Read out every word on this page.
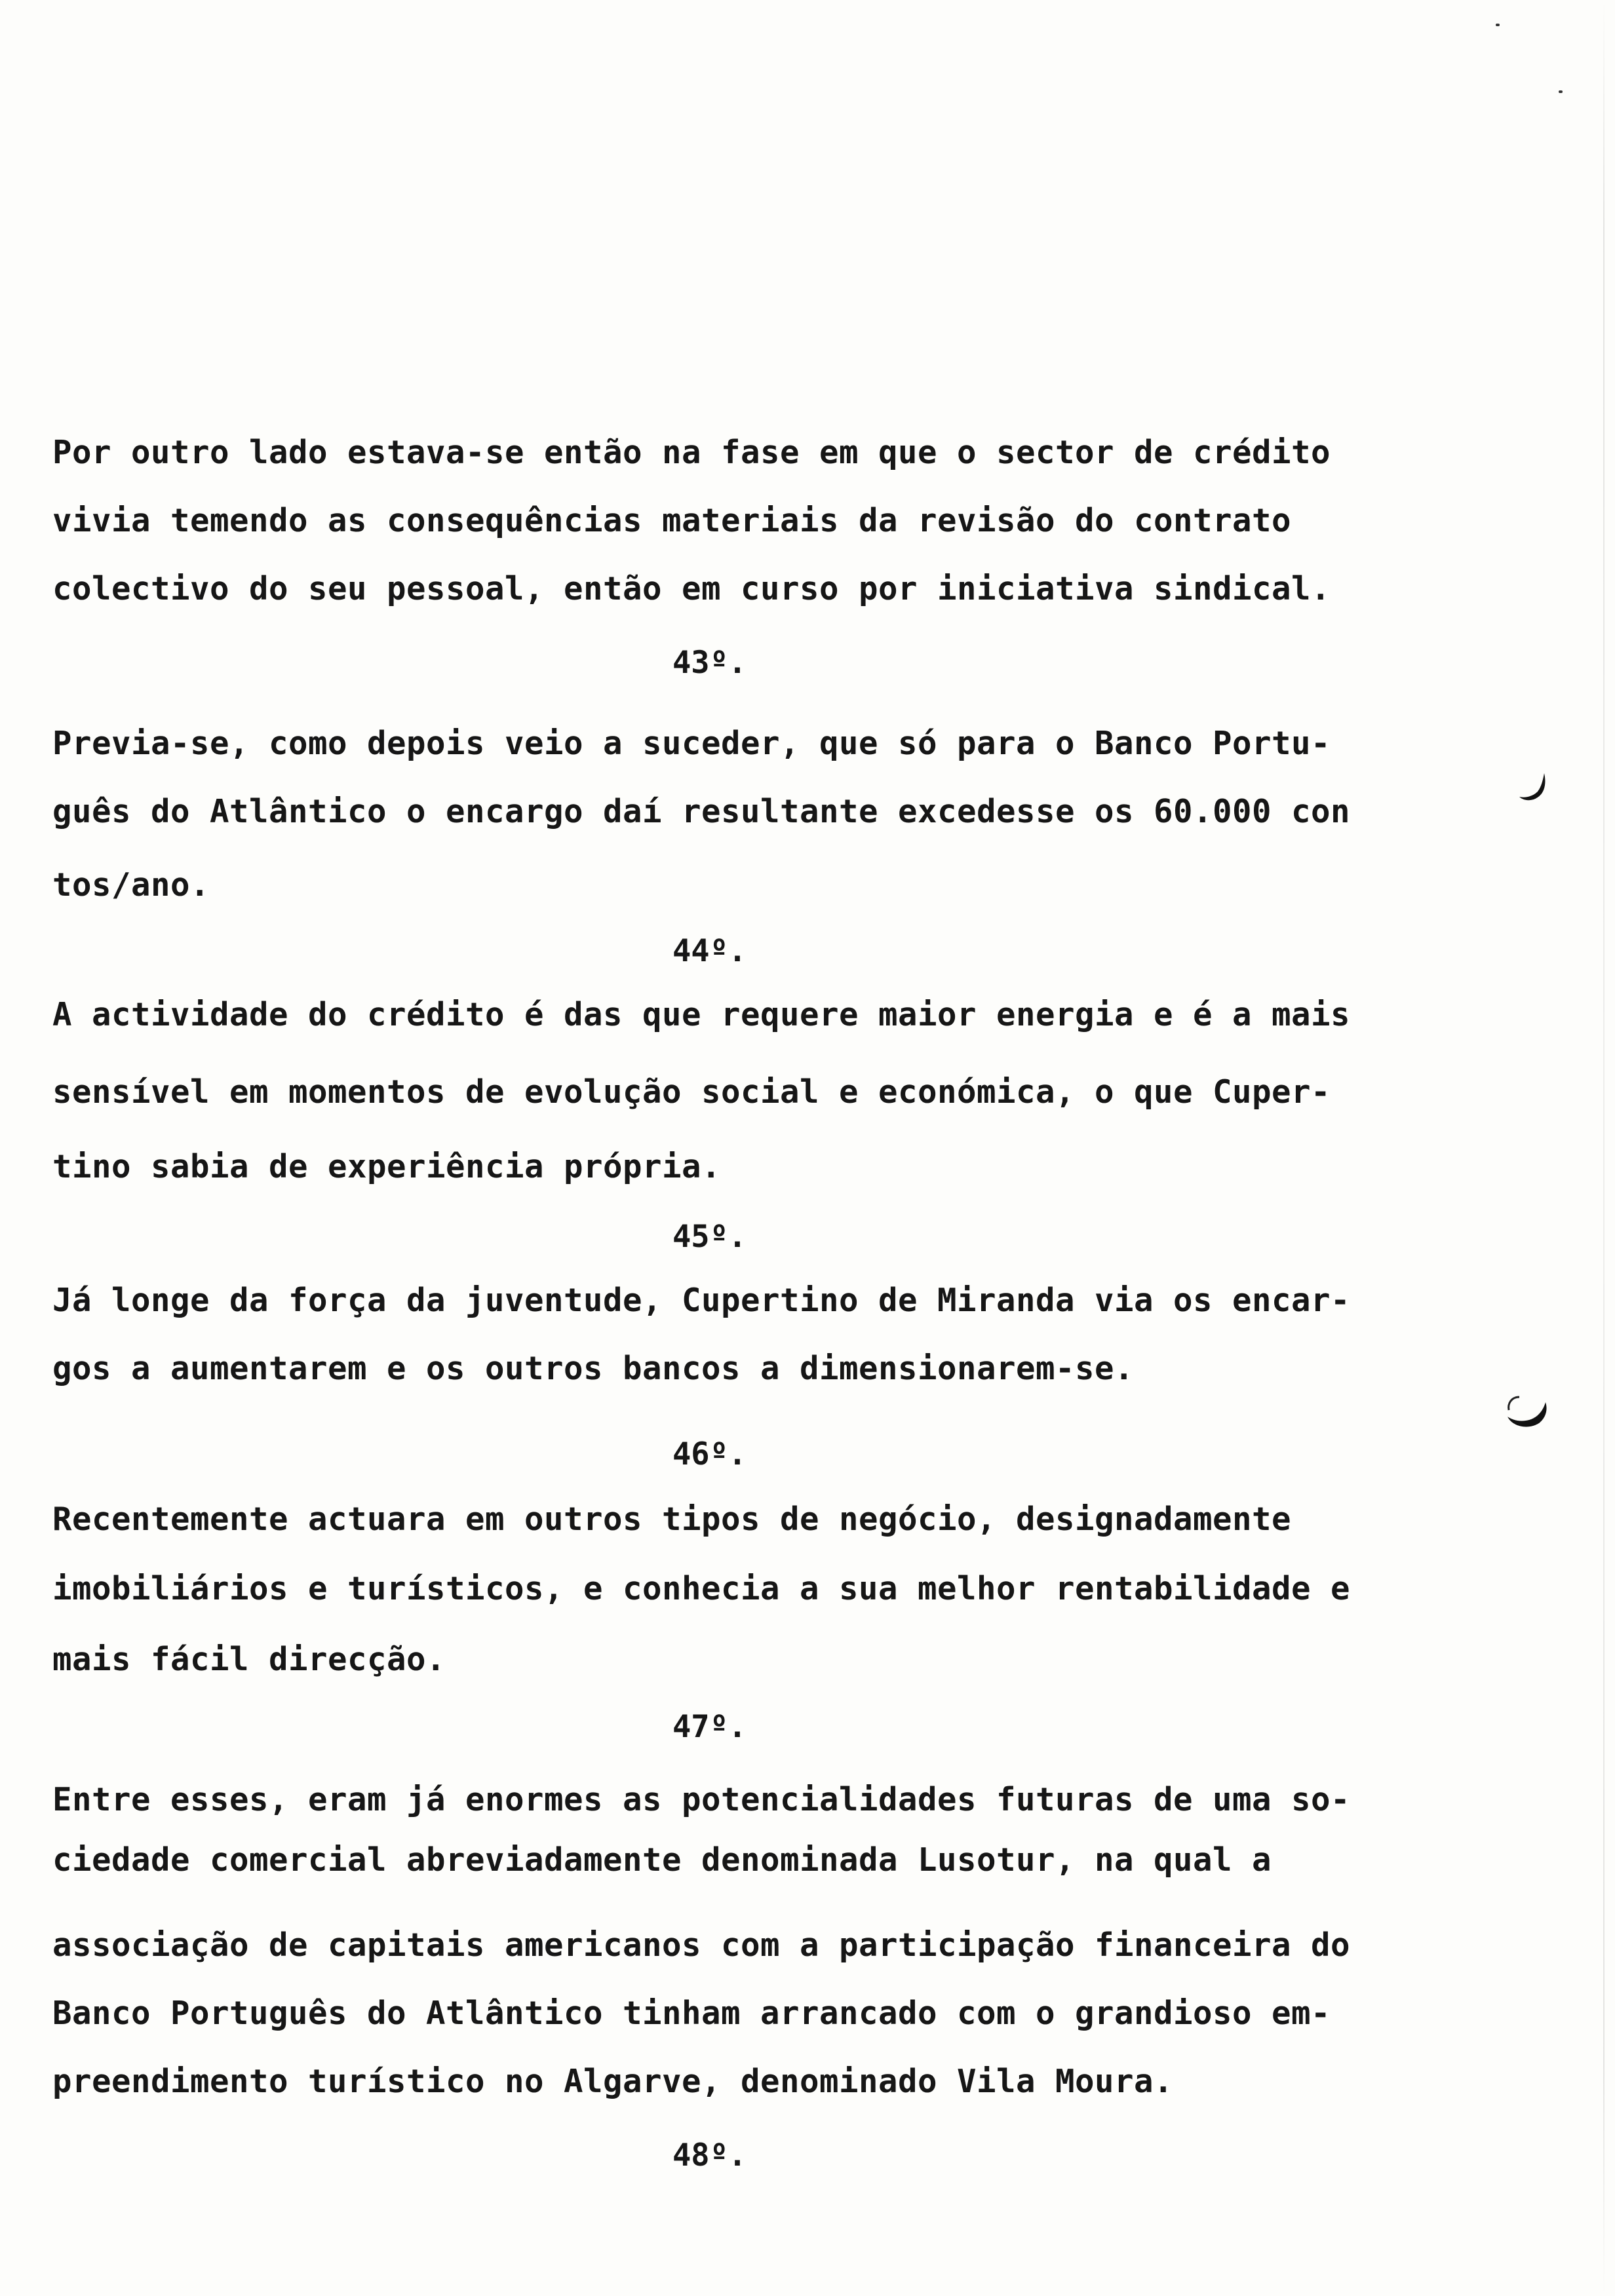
Por outro lado estava-se então na fase em que o sector de crédito
vivia temendo as consequências materiais da revisão do contrato
colectivo do seu pessoal, então em curso por iniciativa sindical.
43º.
Previa-se, como depois veio a suceder, que só para o Banco Portu-
guês do Atlântico o encargo daí resultante excedesse os 60.000 con
tos/ano.
44º.
A actividade do crédito é das que requere maior energia e é a mais
sensível em momentos de evolução social e económica, o que Cuper-
tino sabia de experiência própria.
45º.
Já longe da força da juventude, Cupertino de Miranda via os encar-
gos a aumentarem e os outros bancos a dimensionarem-se.
46º.
Recentemente actuara em outros tipos de negócio, designadamente
imobiliários e turísticos, e conhecia a sua melhor rentabilidade e
mais fácil direcção.
47º.
Entre esses, eram já enormes as potencialidades futuras de uma so-
ciedade comercial abreviadamente denominada Lusotur, na qual a
associação de capitais americanos com a participação financeira do
Banco Português do Atlântico tinham arrancado com o grandioso em-
preendimento turístico no Algarve, denominado Vila Moura.
48º.
